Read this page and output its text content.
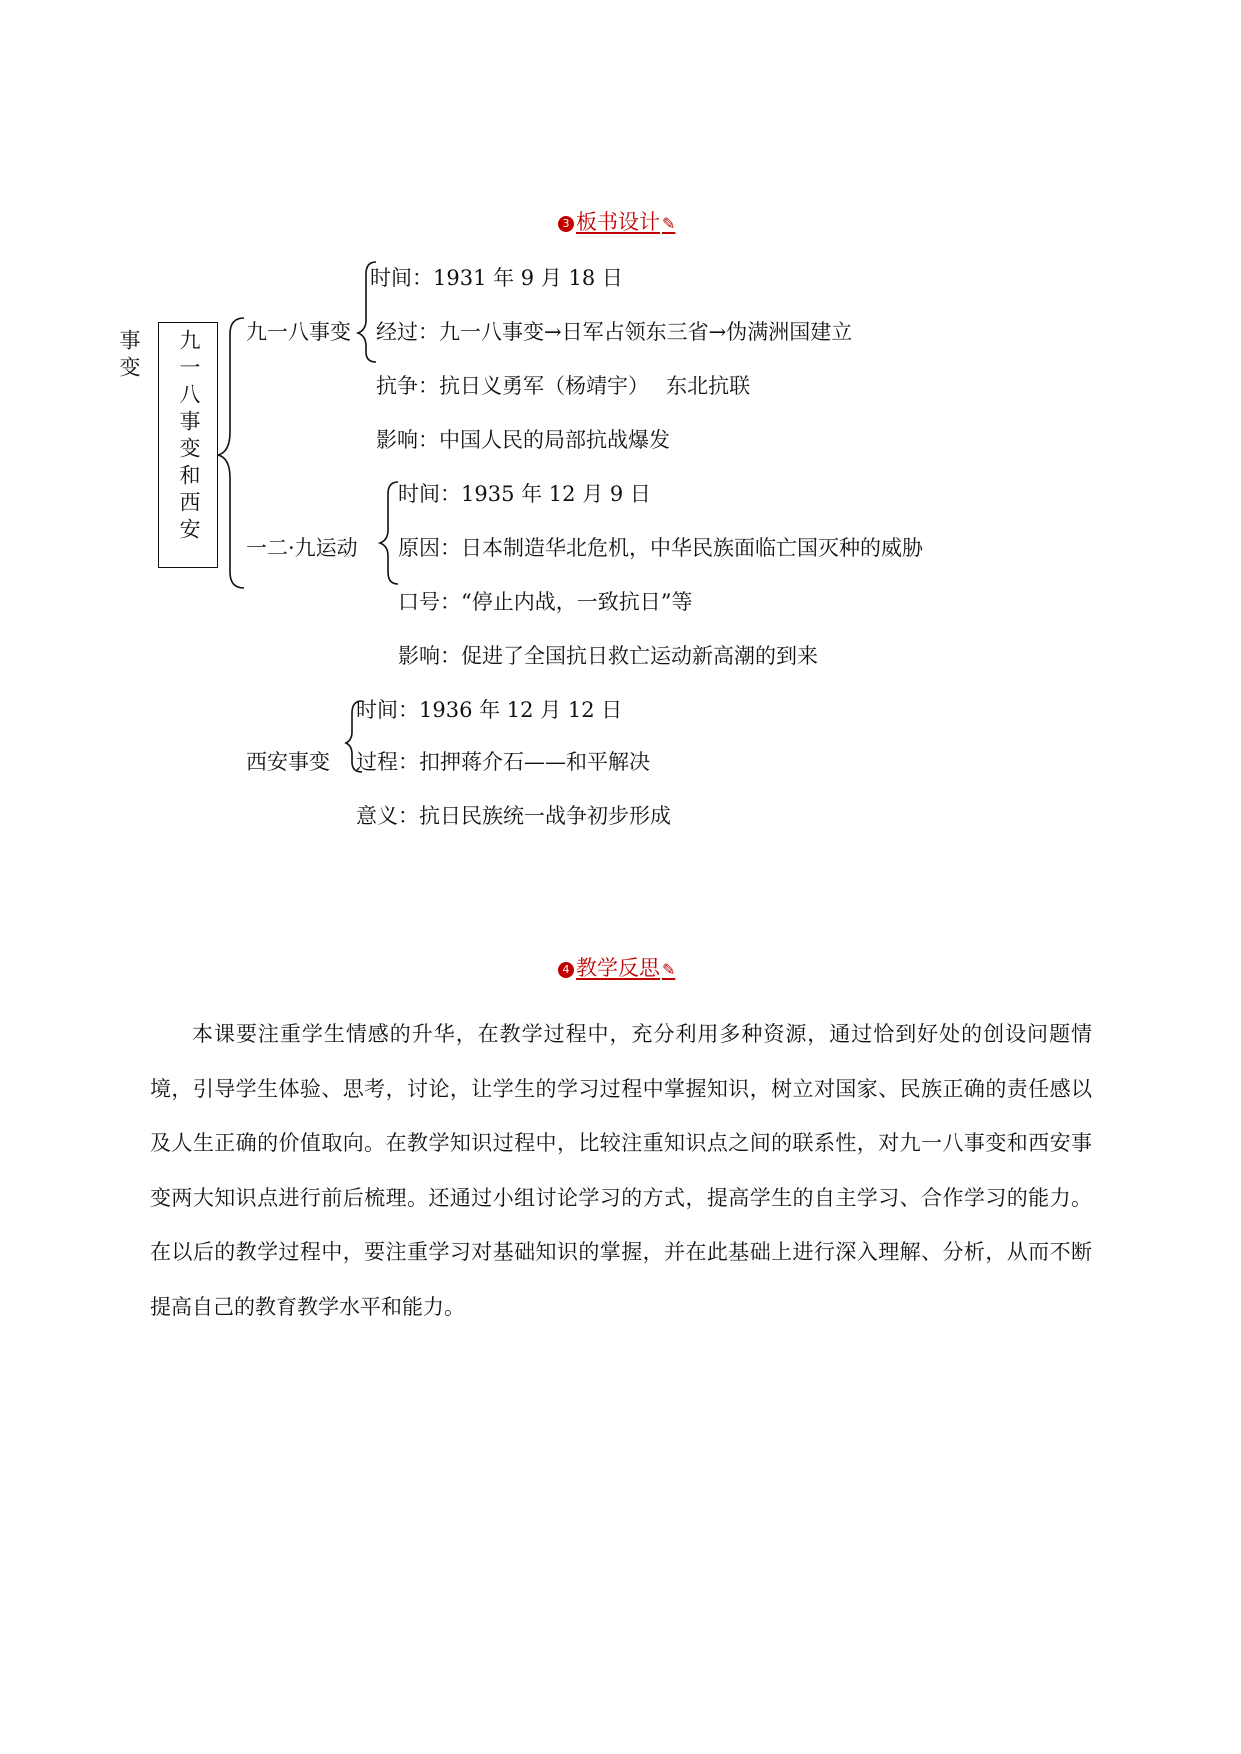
3 板书设计 ✎
九一八事变和西安事变	九一八事变
一二·九运动
西安事变
时间：1931 年 9 月 18 日
经过：九一八事变→日军占领东三省→伪满洲国建立
抗争：抗日义勇军（杨靖宇）　 东北抗联
影响：中国人民的局部抗战爆发
时间：1935 年 12 月 9 日
原因：日本制造华北危机，中华民族面临亡国灭种的威胁
口号：“停止内战，一致抗日”等
影响：促进了全国抗日救亡运动新高潮的到来
时间：1936 年 12 月 12 日
过程：扣押蒋介石——和平解决
意义：抗日民族统一战争初步形成
4 教学反思 ✎

本课要注重学生情感的升华，在教学过程中，充分利用多种资源，通过恰到好处的创设问题情境，引导学生体验、思考，讨论，让学生的学习过程中掌握知识，树立对国家、民族正确的责任感以及人生正确的价值取向。在教学知识过程中，比较注重知识点之间的联系性，对九一八事变和西安事变两大知识点进行前后梳理。还通过小组讨论学习的方式，提高学生的自主学习、合作学习的能力。在以后的教学过程中，要注重学习对基础知识的掌握，并在此基础上进行深入理解、分析，从而不断提高自己的教育教学水平和能力。
